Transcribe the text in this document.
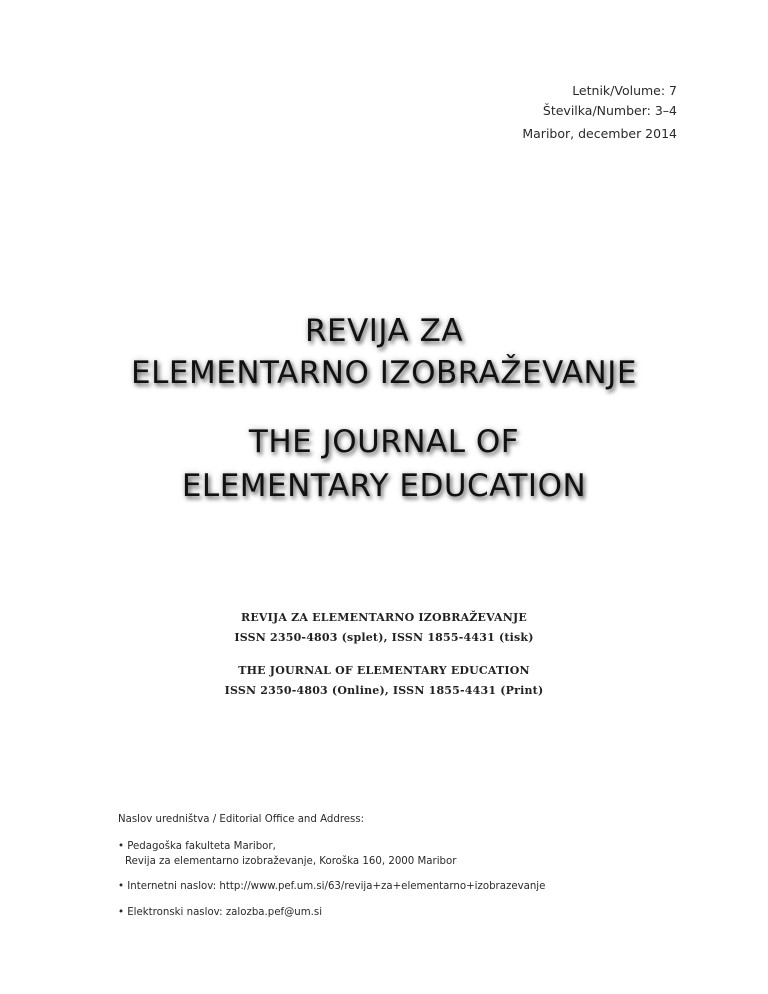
Letnik/Volume: 7
Številka/Number: 3–4
Maribor, december 2014
REVIJA ZA
ELEMENTARNO IZOBRAŽEVANJE
THE JOURNAL OF
ELEMENTARY EDUCATION
REVIJA ZA ELEMENTARNO IZOBRAŽEVANJE
ISSN 2350-4803 (splet), ISSN 1855-4431 (tisk)
THE JOURNAL OF ELEMENTARY EDUCATION
ISSN 2350-4803 (Online), ISSN 1855-4431 (Print)
Naslov uredništva / Editorial Office and Address:
• Pedagoška fakulteta Maribor,
Revija za elementarno izobraževanje, Koroška 160, 2000 Maribor
• Internetni naslov: http://www.pef.um.si/63/revija+za+elementarno+izobrazevanje
• Elektronski naslov: zalozba.pef@um.si
